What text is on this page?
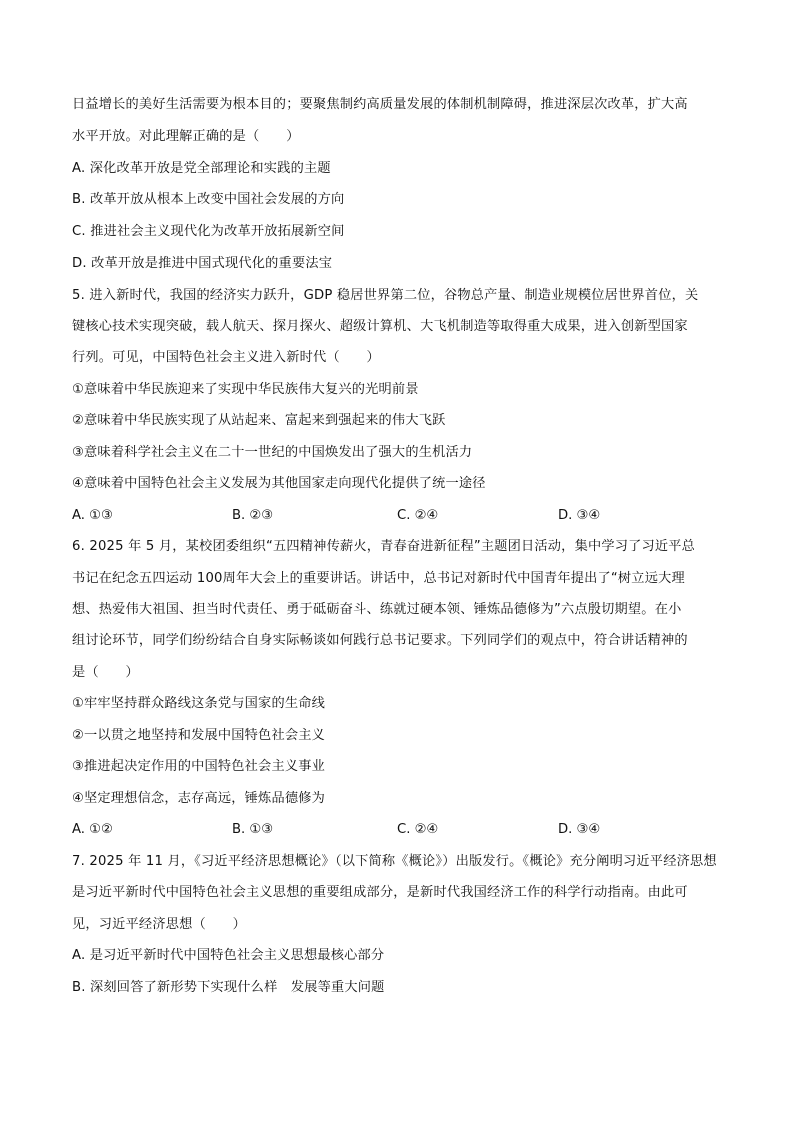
日益增长的美好生活需要为根本目的；要聚焦制约高质量发展的体制机制障碍，推进深层次改革，扩大高
水平开放。对此理解正确的是（　　）
A. 深化改革开放是党全部理论和实践的主题
B. 改革开放从根本上改变中国社会发展的方向
C. 推进社会主义现代化为改革开放拓展新空间
D. 改革开放是推进中国式现代化的重要法宝
5. 进入新时代，我国的经济实力跃升，GDP 稳居世界第二位，谷物总产量、制造业规模位居世界首位，关
键核心技术实现突破，载人航天、探月探火、超级计算机、大飞机制造等取得重大成果，进入创新型国家
行列。可见，中国特色社会主义进入新时代（　　）
①意味着中华民族迎来了实现中华民族伟大复兴的光明前景
②意味着中华民族实现了从站起来、富起来到强起来的伟大飞跃
③意味着科学社会主义在二十一世纪的中国焕发出了强大的生机活力
④意味着中国特色社会主义发展为其他国家走向现代化提供了统一途径
A. ①③	B. ②③	C. ②④	D. ③④
6. 2025 年 5 月，某校团委组织“五四精神传薪火，青春奋进新征程”主题团日活动，集中学习了习近平总
书记在纪念五四运动 100周年大会上的重要讲话。讲话中，总书记对新时代中国青年提出了“树立远大理
想、热爱伟大祖国、担当时代责任、勇于砥砺奋斗、练就过硬本领、锤炼品德修为”六点殷切期望。在小
组讨论环节，同学们纷纷结合自身实际畅谈如何践行总书记要求。下列同学们的观点中，符合讲话精神的
是（　　）
①牢牢坚持群众路线这条党与国家的生命线
②一以贯之地坚持和发展中国特色社会主义
③推进起决定作用的中国特色社会主义事业
④坚定理想信念，志存高远，锤炼品德修为
A. ①②	B. ①③	C. ②④	D. ③④
7. 2025 年 11 月，《习近平经济思想概论》（以下简称《概论》）出版发行。《概论》充分阐明习近平经济思想
是习近平新时代中国特色社会主义思想的重要组成部分，是新时代我国经济工作的科学行动指南。由此可
见，习近平经济思想（　　）
A. 是习近平新时代中国特色社会主义思想最核心部分
B. 深刻回答了新形势下实现什么样　发展等重大问题
